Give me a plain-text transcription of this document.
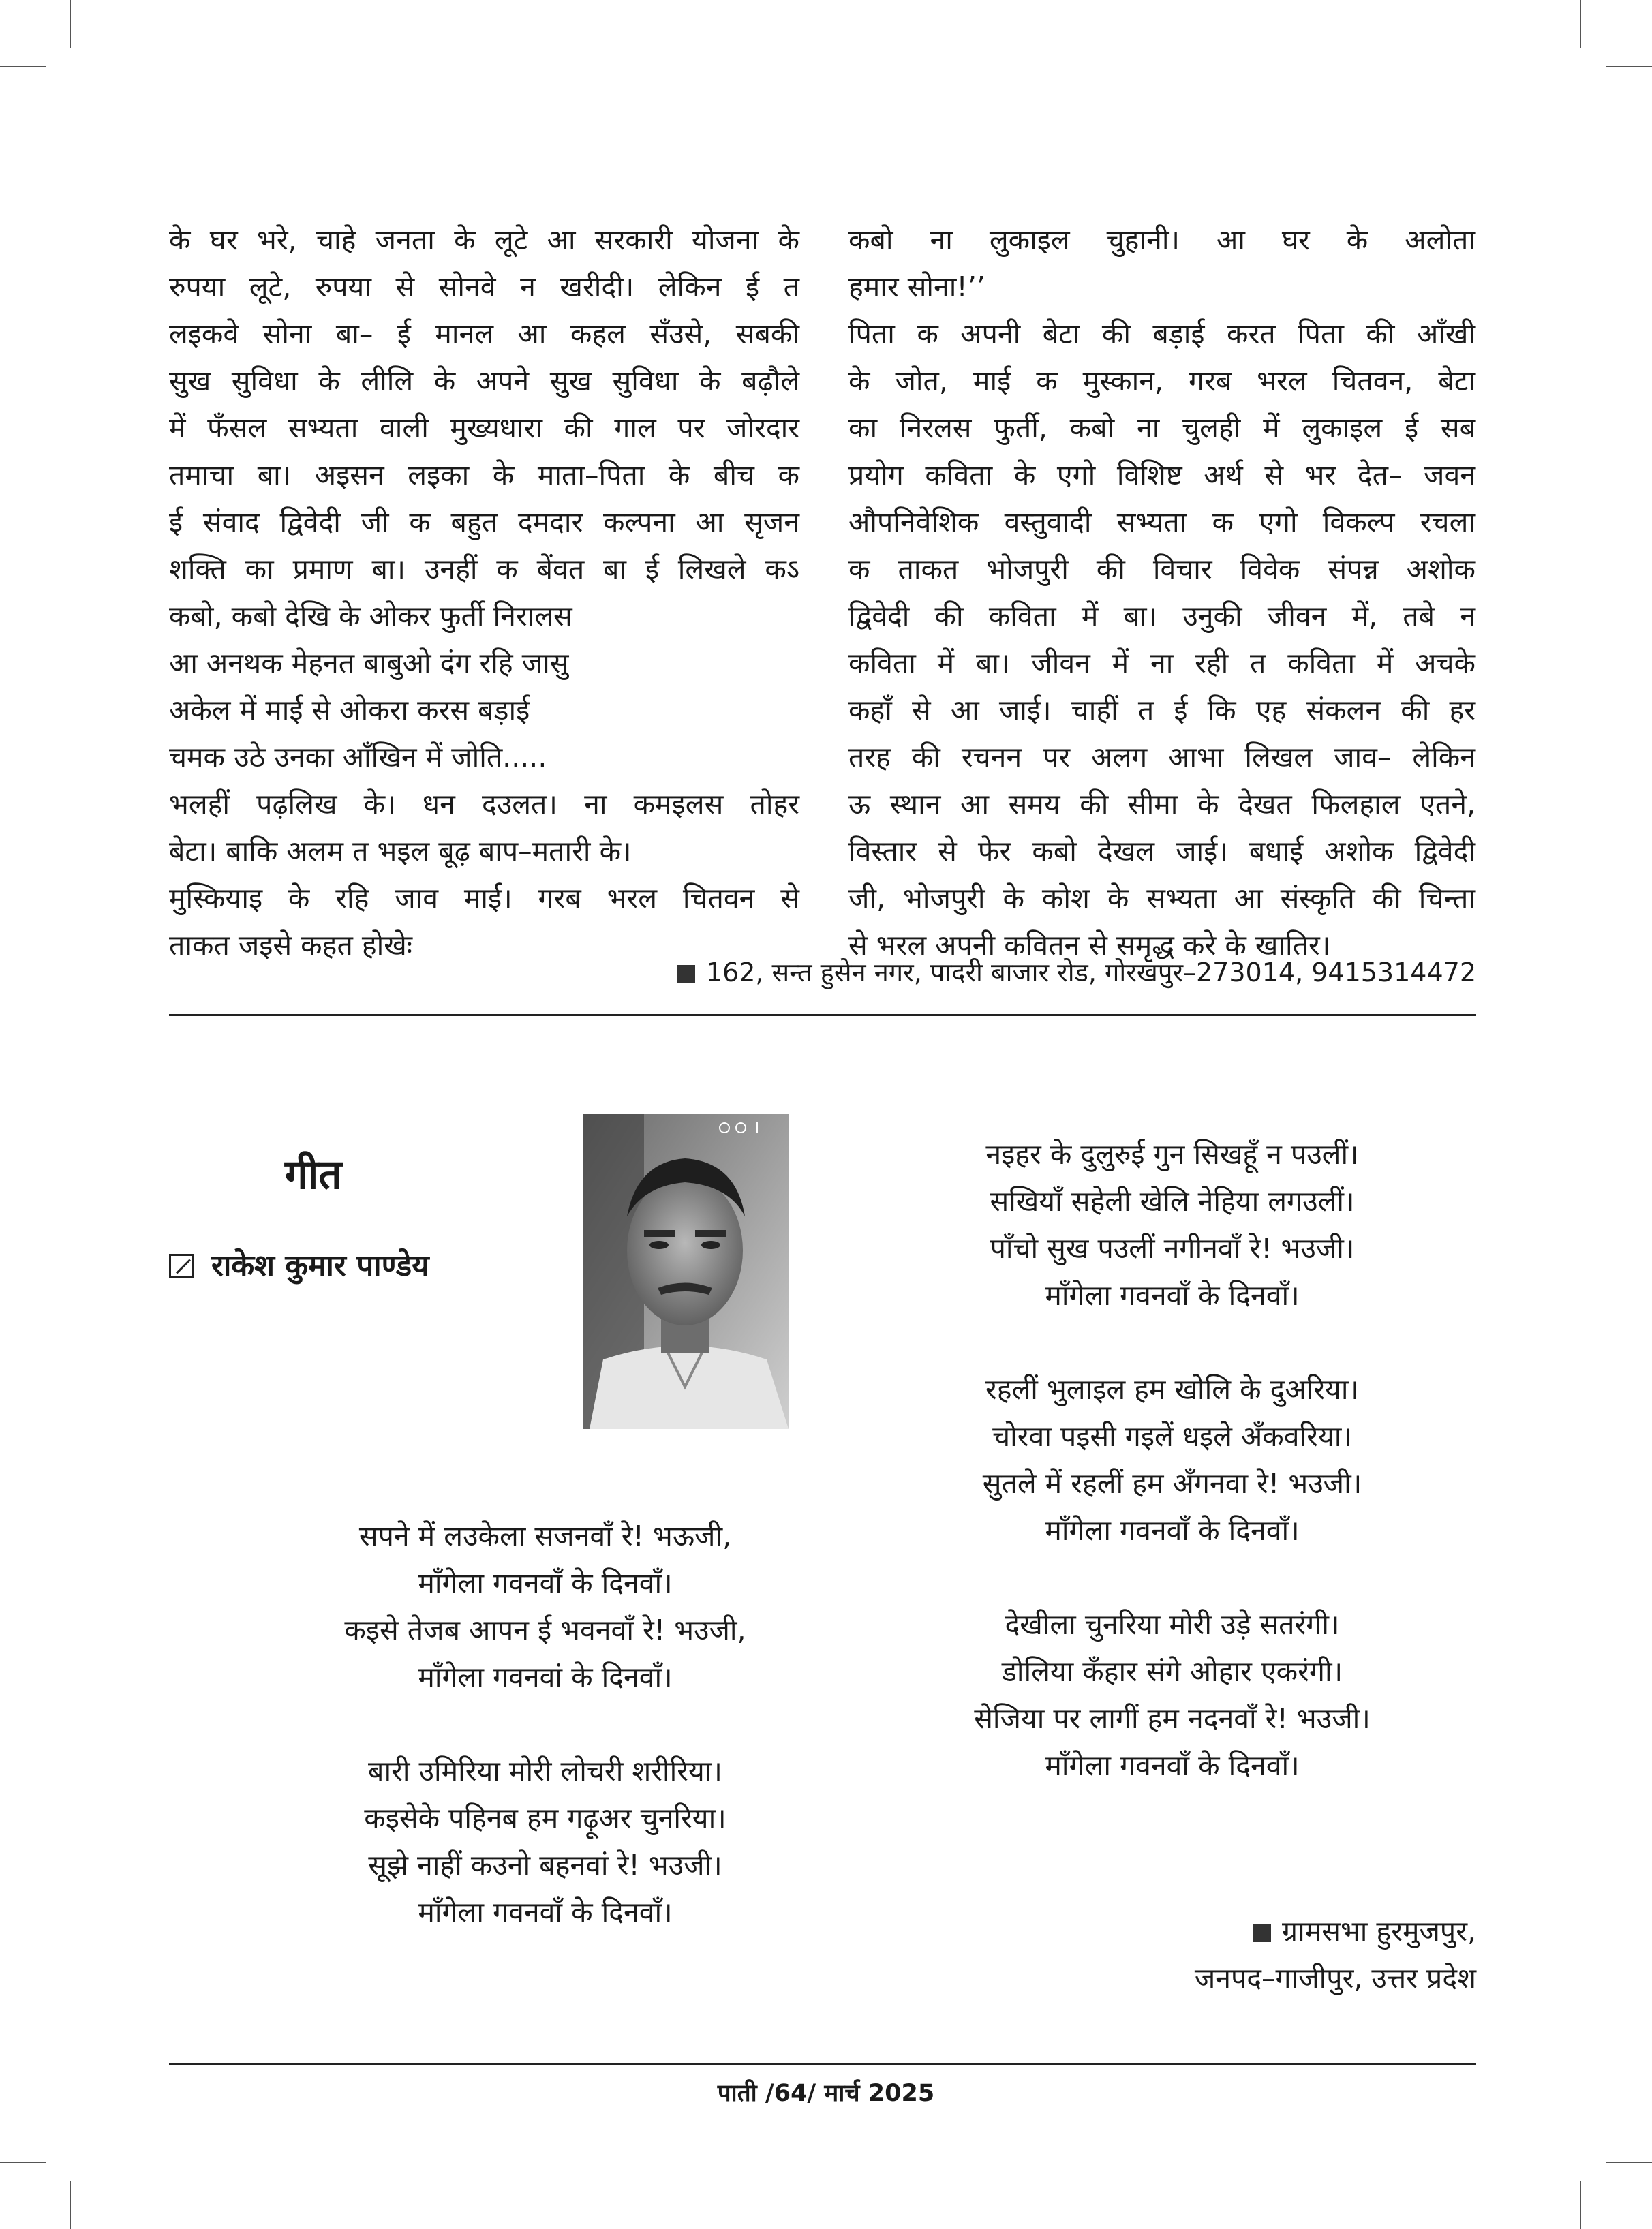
के घर भरे, चाहे जनता के लूटे आ सरकारी योजना के
रुपया लूटे, रुपया से सोनवे न खरीदी। लेकिन ई त
लइकवे सोना बा– ई मानल आ कहल सँउसे, सबकी
सुख सुविधा के लीलि के अपने सुख सुविधा के बढ़ौले
में फँसल सभ्यता वाली मुख्यधारा की गाल पर जोरदार
तमाचा बा। अइसन लइका के माता–पिता के बीच क
ई संवाद द्विवेदी जी क बहुत दमदार कल्पना आ सृजन
शक्ति का प्रमाण बा। उनहीं क बेंवत बा ई लिखले कऽ
कबो, कबो देखि के ओकर फुर्ती निरालस
आ अनथक मेहनत बाबुओ दंग रहि जासु
अकेल में माई से ओकरा करस बड़ाई
चमक उठे उनका आँखिन में जोति.....
भलहीं पढ़लिख के। धन दउलत। ना कमइलस तोहर
बेटा। बाकि अलम त भइल बूढ़ बाप–मतारी के।
मुस्कियाइ के रहि जाव माई। गरब भरल चितवन से
ताकत जइसे कहत होखेः
कबो ना लुकाइल चुहानी। आ घर के अलोता
हमार सोना!’’
पिता क अपनी बेटा की बड़ाई करत पिता की आँखी
के जोत, माई क मुस्कान, गरब भरल चितवन, बेटा
का निरलस फुर्ती, कबो ना चुलही में लुकाइल ई सब
प्रयोग कविता के एगो विशिष्ट अर्थ से भर देत– जवन
औपनिवेशिक वस्तुवादी सभ्यता क एगो विकल्प रचला
क ताकत भोजपुरी की विचार विवेक संपन्न अशोक
द्विवेदी की कविता में बा। उनुकी जीवन में, तबे न
कविता में बा। जीवन में ना रही त कविता में अचके
कहाँ से आ जाई। चाहीं त ई कि एह संकलन की हर
तरह की रचनन पर अलग आभा लिखल जाव– लेकिन
ऊ स्थान आ समय की सीमा के देखत फिलहाल एतने,
विस्तार से फेर कबो देखल जाई। बधाई अशोक द्विवेदी
जी, भोजपुरी के कोश के सभ्यता आ संस्कृति की चिन्ता
से भरल अपनी कवितन से समृद्ध करे के खातिर।
162, सन्त हुसेन नगर, पादरी बाजार रोड, गोरखपुर–273014, 9415314472
गीत
राकेश कुमार पाण्डेय
सपने में लउकेला सजनवाँ रे! भऊजी,
माँगेला गवनवाँ के दिनवाँ।
कइसे तेजब आपन ई भवनवाँ रे! भउजी,
माँगेला गवनवां के दिनवाँ।
बारी उमिरिया मोरी लोचरी शरीरिया।
कइसेके पहिनब हम गढ़ूअर चुनरिया।
सूझे नाहीं कउनो बहनवां रे! भउजी।
माँगेला गवनवाँ के दिनवाँ।
नइहर के दुलुरुई गुन सिखहूँ न पउलीं।
सखियाँ सहेली खेलि नेहिया लगउलीं।
पाँचो सुख पउलीं नगीनवाँ रे! भउजी।
माँगेला गवनवाँ के दिनवाँ।
रहलीं भुलाइल हम खोलि के दुअरिया।
चोरवा पइसी गइलें धइले अँकवरिया।
सुतले में रहलीं हम अँगनवा रे! भउजी।
माँगेला गवनवाँ के दिनवाँ।
देखीला चुनरिया मोरी उड़े सतरंगी।
डोलिया कँहार संगे ओहार एकरंगी।
सेजिया पर लागीं हम नदनवाँ रे! भउजी।
माँगेला गवनवाँ के दिनवाँ।
ग्रामसभा हुरमुजपुर,
जनपद–गाजीपुर, उत्तर प्रदेश
पाती /64/ मार्च 2025
